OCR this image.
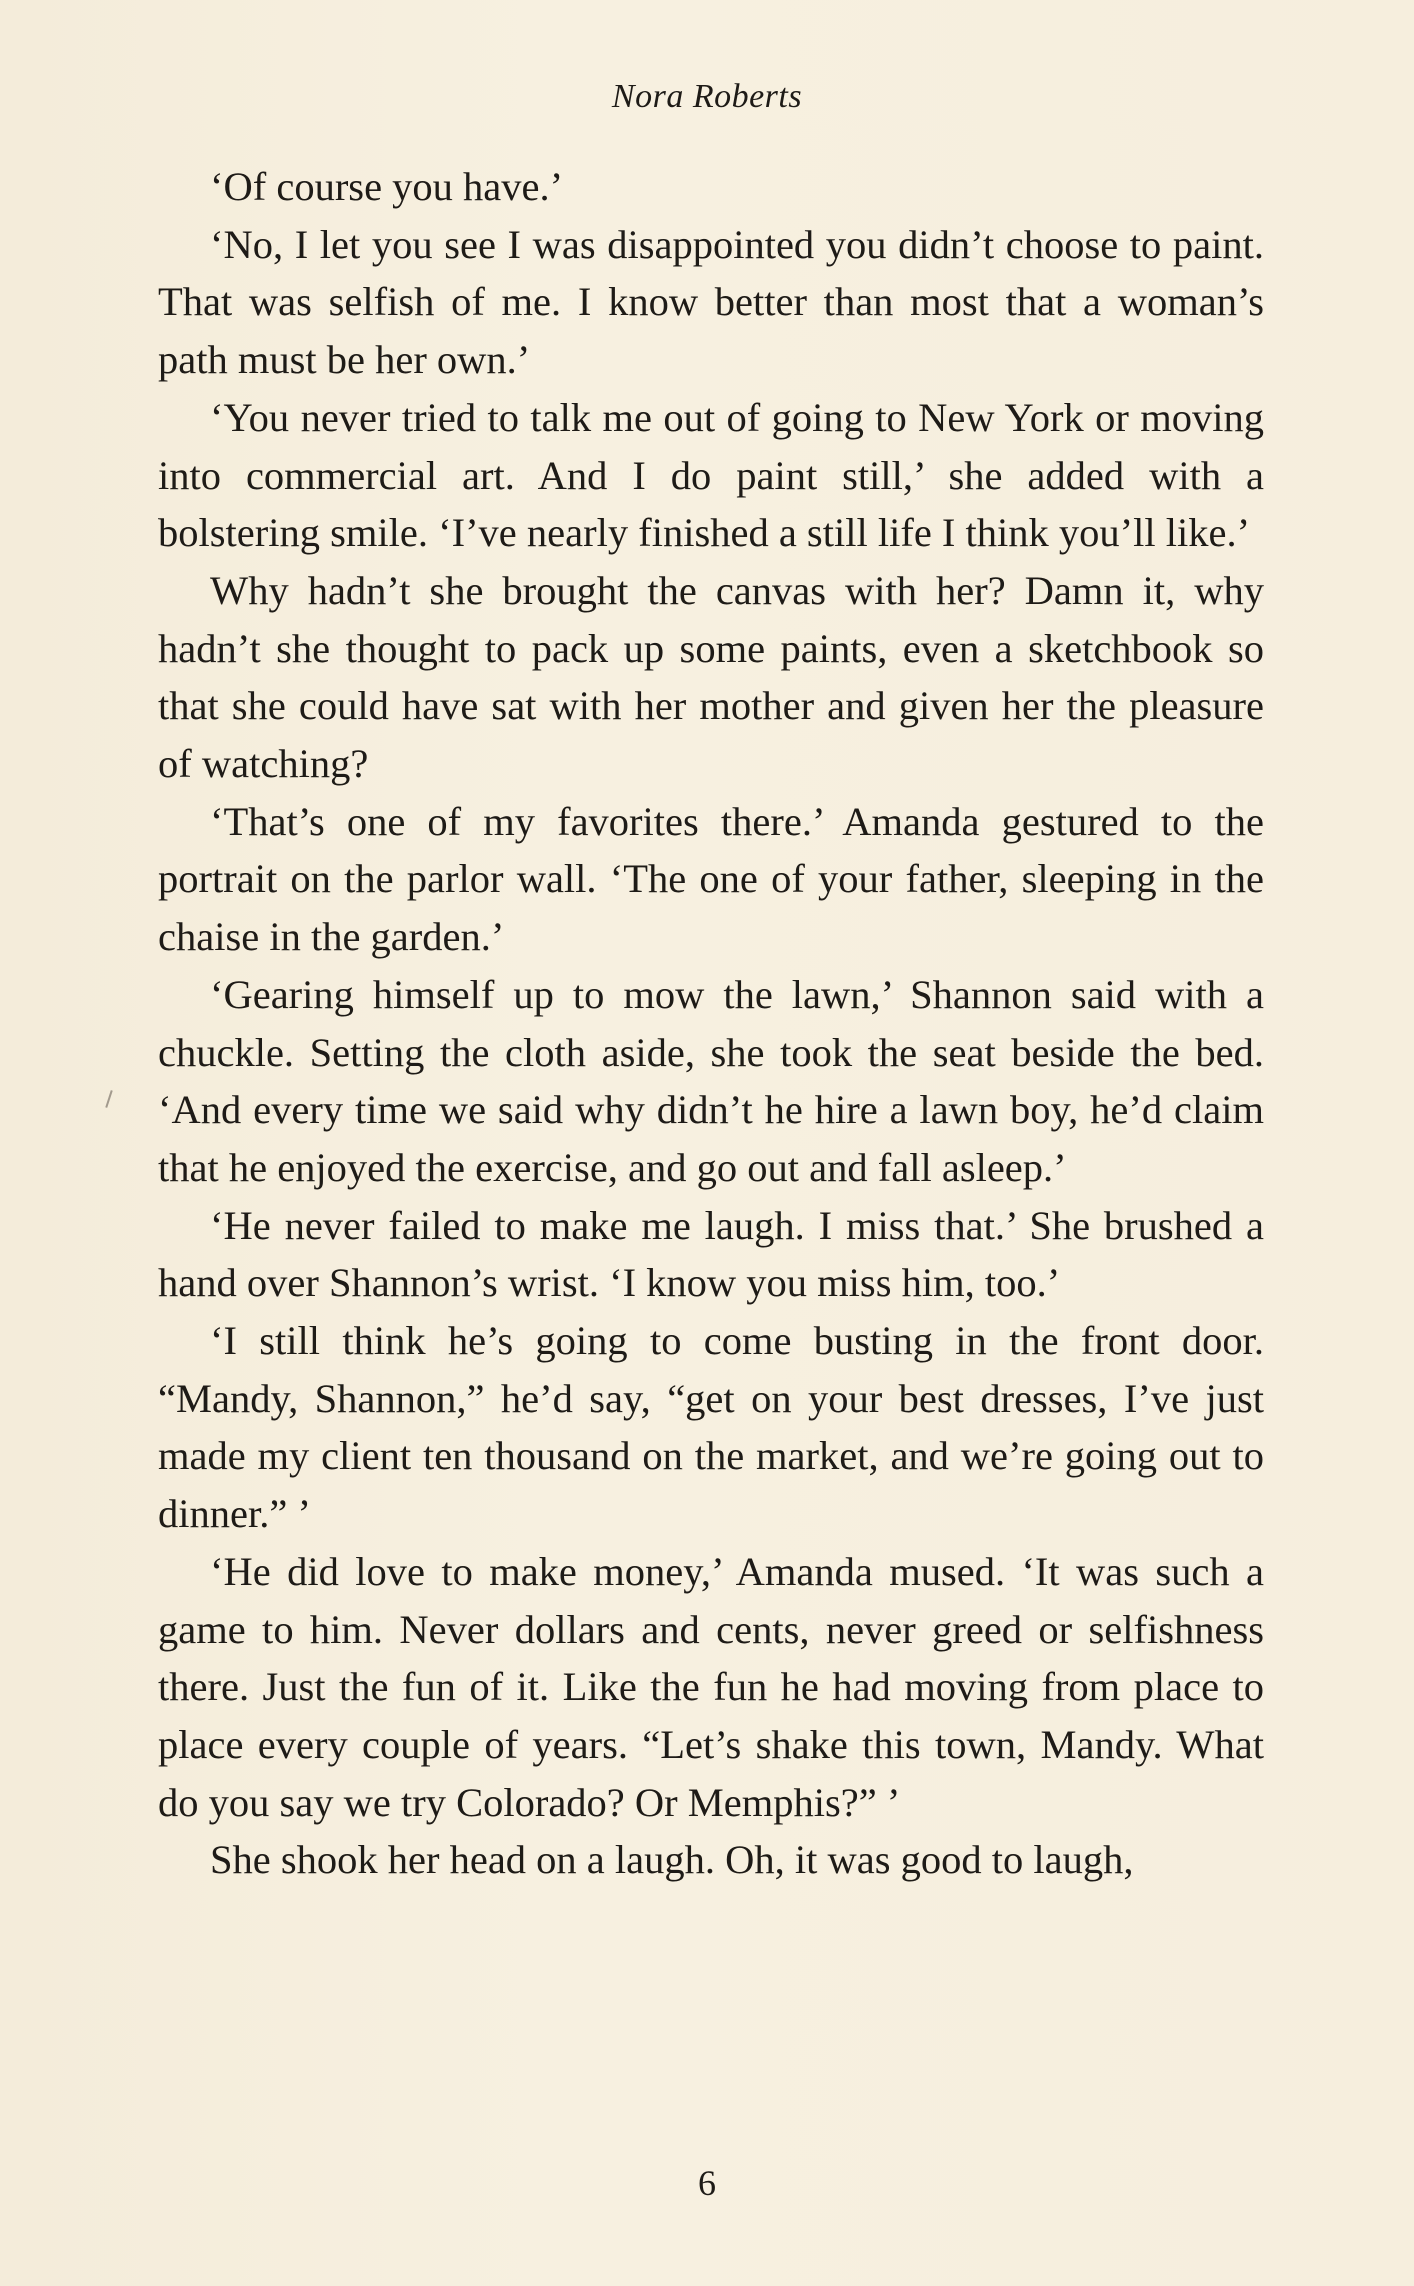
Nora Roberts

‘Of course you have.’

‘No, I let you see I was disappointed you didn’t choose to paint. That was selfish of me. I know better than most that a woman’s path must be her own.’

‘You never tried to talk me out of going to New York or moving into commercial art. And I do paint still,’ she added with a bolstering smile. ‘I’ve nearly finished a still life I think you’ll like.’

Why hadn’t she brought the canvas with her? Damn it, why hadn’t she thought to pack up some paints, even a sketchbook so that she could have sat with her mother and given her the pleasure of watching?

‘That’s one of my favorites there.’ Amanda gestured to the portrait on the parlor wall. ‘The one of your father, sleeping in the chaise in the garden.’

‘Gearing himself up to mow the lawn,’ Shannon said with a chuckle. Setting the cloth aside, she took the seat beside the bed. ‘And every time we said why didn’t he hire a lawn boy, he’d claim that he enjoyed the exercise, and go out and fall asleep.’

‘He never failed to make me laugh. I miss that.’ She brushed a hand over Shannon’s wrist. ‘I know you miss him, too.’

‘I still think he’s going to come busting in the front door. “Mandy, Shannon,” he’d say, “get on your best dresses, I’ve just made my client ten thousand on the market, and we’re going out to dinner.” ’

‘He did love to make money,’ Amanda mused. ‘It was such a game to him. Never dollars and cents, never greed or selfishness there. Just the fun of it. Like the fun he had moving from place to place every couple of years. “Let’s shake this town, Mandy. What do you say we try Colorado? Or Memphis?” ’

She shook her head on a laugh. Oh, it was good to laugh,

6
